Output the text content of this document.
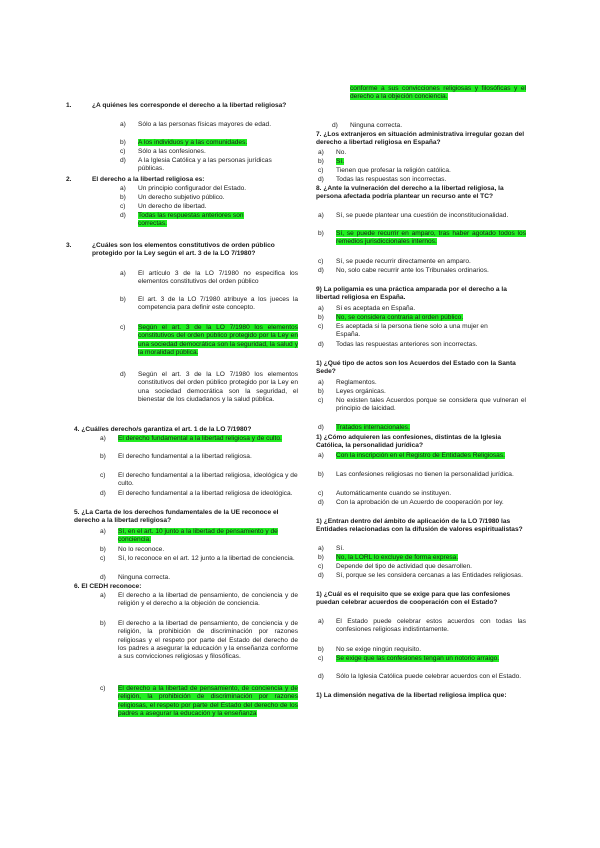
1.	¿A quiénes les corresponde el derecho a la libertad religiosa?
a) Sólo a las personas físicas mayores de edad.
b) A los individuos y a las comunidades.
c) Sólo a las confesiones.
d) A la Iglesia Católica y a las personas jurídicas públicas.
2.	El derecho a la libertad religiosa es:
a) Un principio configurador del Estado.
b) Un derecho subjetivo público.
c) Un derecho de libertad.
d) Todas las respuestas anteriores son correctas.
3.	¿Cuáles son los elementos constitutivos de orden público protegido por la Ley según el art. 3 de la LO 7/1980?
a) El artículo 3 de la LO 7/1980 no especifica los elementos constitutivos del orden público
b) El art. 3 de la LO 7/1980 atribuye a los jueces la competencia para definir este concepto.
c) Según el art. 3 de la LO 7/1980 los elementos constitutivos del orden público protegido por la Ley en una sociedad democrática son la seguridad, la salud y la moralidad pública.
d) Según el art. 3 de la LO 7/1980 los elementos constitutivos del orden público protegido por la Ley en una sociedad democrática son la seguridad, el bienestar de los ciudadanos y la salud pública.
4. ¿Cuál/es derecho/s garantiza el art. 1 de la LO 7/1980?
a) El derecho fundamental a la libertad religiosa y de culto.
b) El derecho fundamental a la libertad religiosa.
c) El derecho fundamental a la libertad religiosa, ideológica y de culto.
d) El derecho fundamental a la libertad religiosa de ideológica.
5. ¿La Carta de los derechos fundamentales de la UE reconoce el derecho a la libertad religiosa?
a) Sí, en el art. 10 junto a la libertad de pensamiento y de conciencia.
b) No lo reconoce.
c) Sí, lo reconoce en el art. 12 junto a la libertad de conciencia.
d) Ninguna correcta.
6. El CEDH reconoce:
a) El derecho a la libertad de pensamiento, de conciencia y de religión y el derecho a la objeción de conciencia.
b) El derecho a la libertad de pensamiento, de conciencia y de religión, la prohibición de discriminación por razones religiosas y el respeto por parte del Estado del derecho de los padres a asegurar la educación y la enseñanza conforme a sus convicciones religiosas y filosóficas.
c) El derecho a la libertad de pensamiento, de conciencia y de religión, la prohibición de discriminación por razones religiosas, el respeto por parte del Estado del derecho de los padres a asegurar la educación y la enseñanza
conforme a sus convicciones religiosas y filosóficas y el derecho a la objeción conciencia.
d) Ninguna correcta.
7. ¿Los extranjeros en situación administrativa irregular gozan del derecho a libertad religiosa en España?
a) No.
b) Sí.
c) Tienen que profesar la religión católica.
d) Todas las respuestas son incorrectas.
8. ¿Ante la vulneración del derecho a la libertad religiosa, la persona afectada podría plantear un recurso ante el TC?
a) Sí, se puede plantear una cuestión de inconstitucionalidad.
b) Sí, se puede recurrir en amparo, tras haber agotado todos los remedios jurisdiccionales internos.
c) Sí, se puede recurrir directamente en amparo.
d) No, solo cabe recurrir ante los Tribunales ordinarios.
9) La poligamia es una práctica amparada por el derecho a la libertad religiosa en España.
a) Sí es aceptada en España.
b) No, se considera contraria al orden público.
c) Es aceptada si la persona tiene solo a una mujer en España.
d) Todas las respuestas anteriores son incorrectas.
1) ¿Qué tipo de actos son los Acuerdos del Estado con la Santa Sede?
a) Reglamentos.
b) Leyes orgánicas.
c) No existen tales Acuerdos porque se considera que vulneran el principio de laicidad.
d) Tratados internacionales.
1) ¿Cómo adquieren las confesiones, distintas de la Iglesia Católica, la personalidad jurídica?
a) Con la inscripción en el Registro de Entidades Religiosas.
b) Las confesiones religiosas no tienen la personalidad jurídica.
c) Automáticamente cuando se instituyen.
d) Con la aprobación de un Acuerdo de cooperación por ley.
1) ¿Entran dentro del ámbito de aplicación de la LO 7/1980 las Entidades relacionadas con la difusión de valores espiritualistas?
a) Sí.
b) No, la LORL lo excluye de forma expresa.
c) Depende del tipo de actividad que desarrollen.
d) Sí, porque se les considera cercanas a las Entidades religiosas.
1) ¿Cuál es el requisito que se exige para que las confesiones puedan celebrar acuerdos de cooperación con el Estado?
a) El Estado puede celebrar estos acuerdos con todas las confesiones religiosas indistintamente.
b) No se exige ningún requisito.
c) Se exige que las confesiones tengan un notorio arraigo.
d) Sólo la Iglesia Católica puede celebrar acuerdos con el Estado.
1) La dimensión negativa de la libertad religiosa implica que:
